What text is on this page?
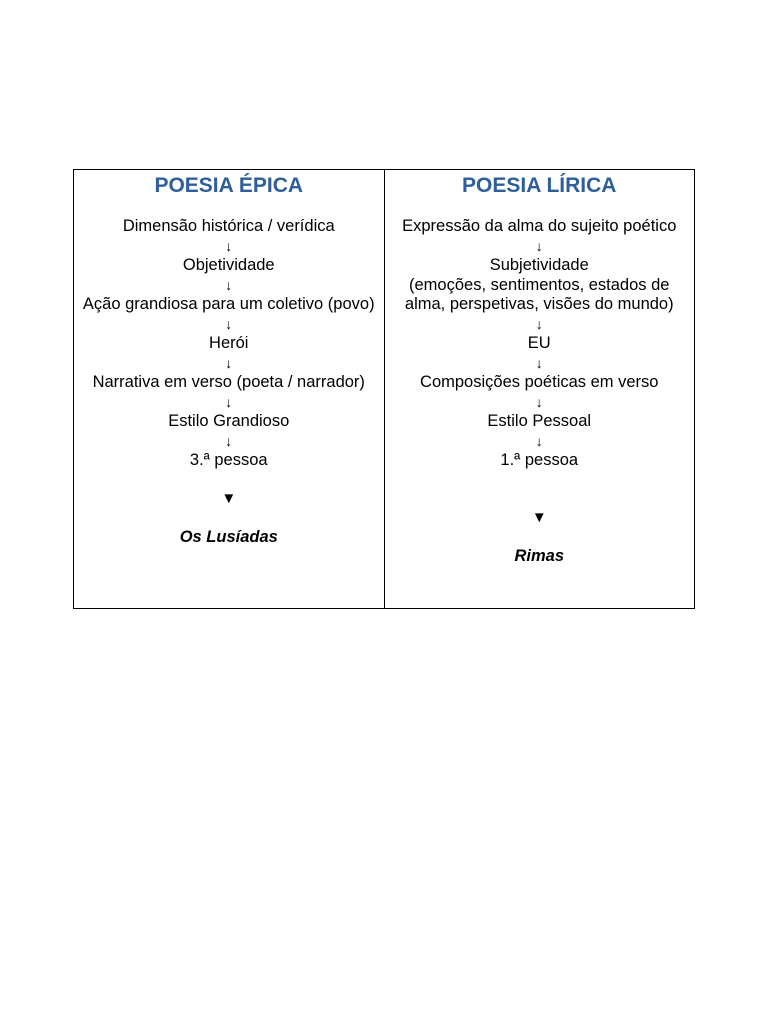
POESIA ÉPICA
Dimensão histórica / verídica
↓
Objetividade
↓
Ação grandiosa para um coletivo (povo)
↓
Herói
↓
Narrativa em verso (poeta / narrador)
↓
Estilo Grandioso
↓
3.ª pessoa
▼
Os Lusíadas
POESIA LÍRICA
Expressão da alma do sujeito poético
↓
Subjetividade
(emoções, sentimentos, estados de alma, perspetivas, visões do mundo)
↓
EU
↓
Composições poéticas em verso
↓
Estilo Pessoal
↓
1.ª pessoa
▼
Rimas
